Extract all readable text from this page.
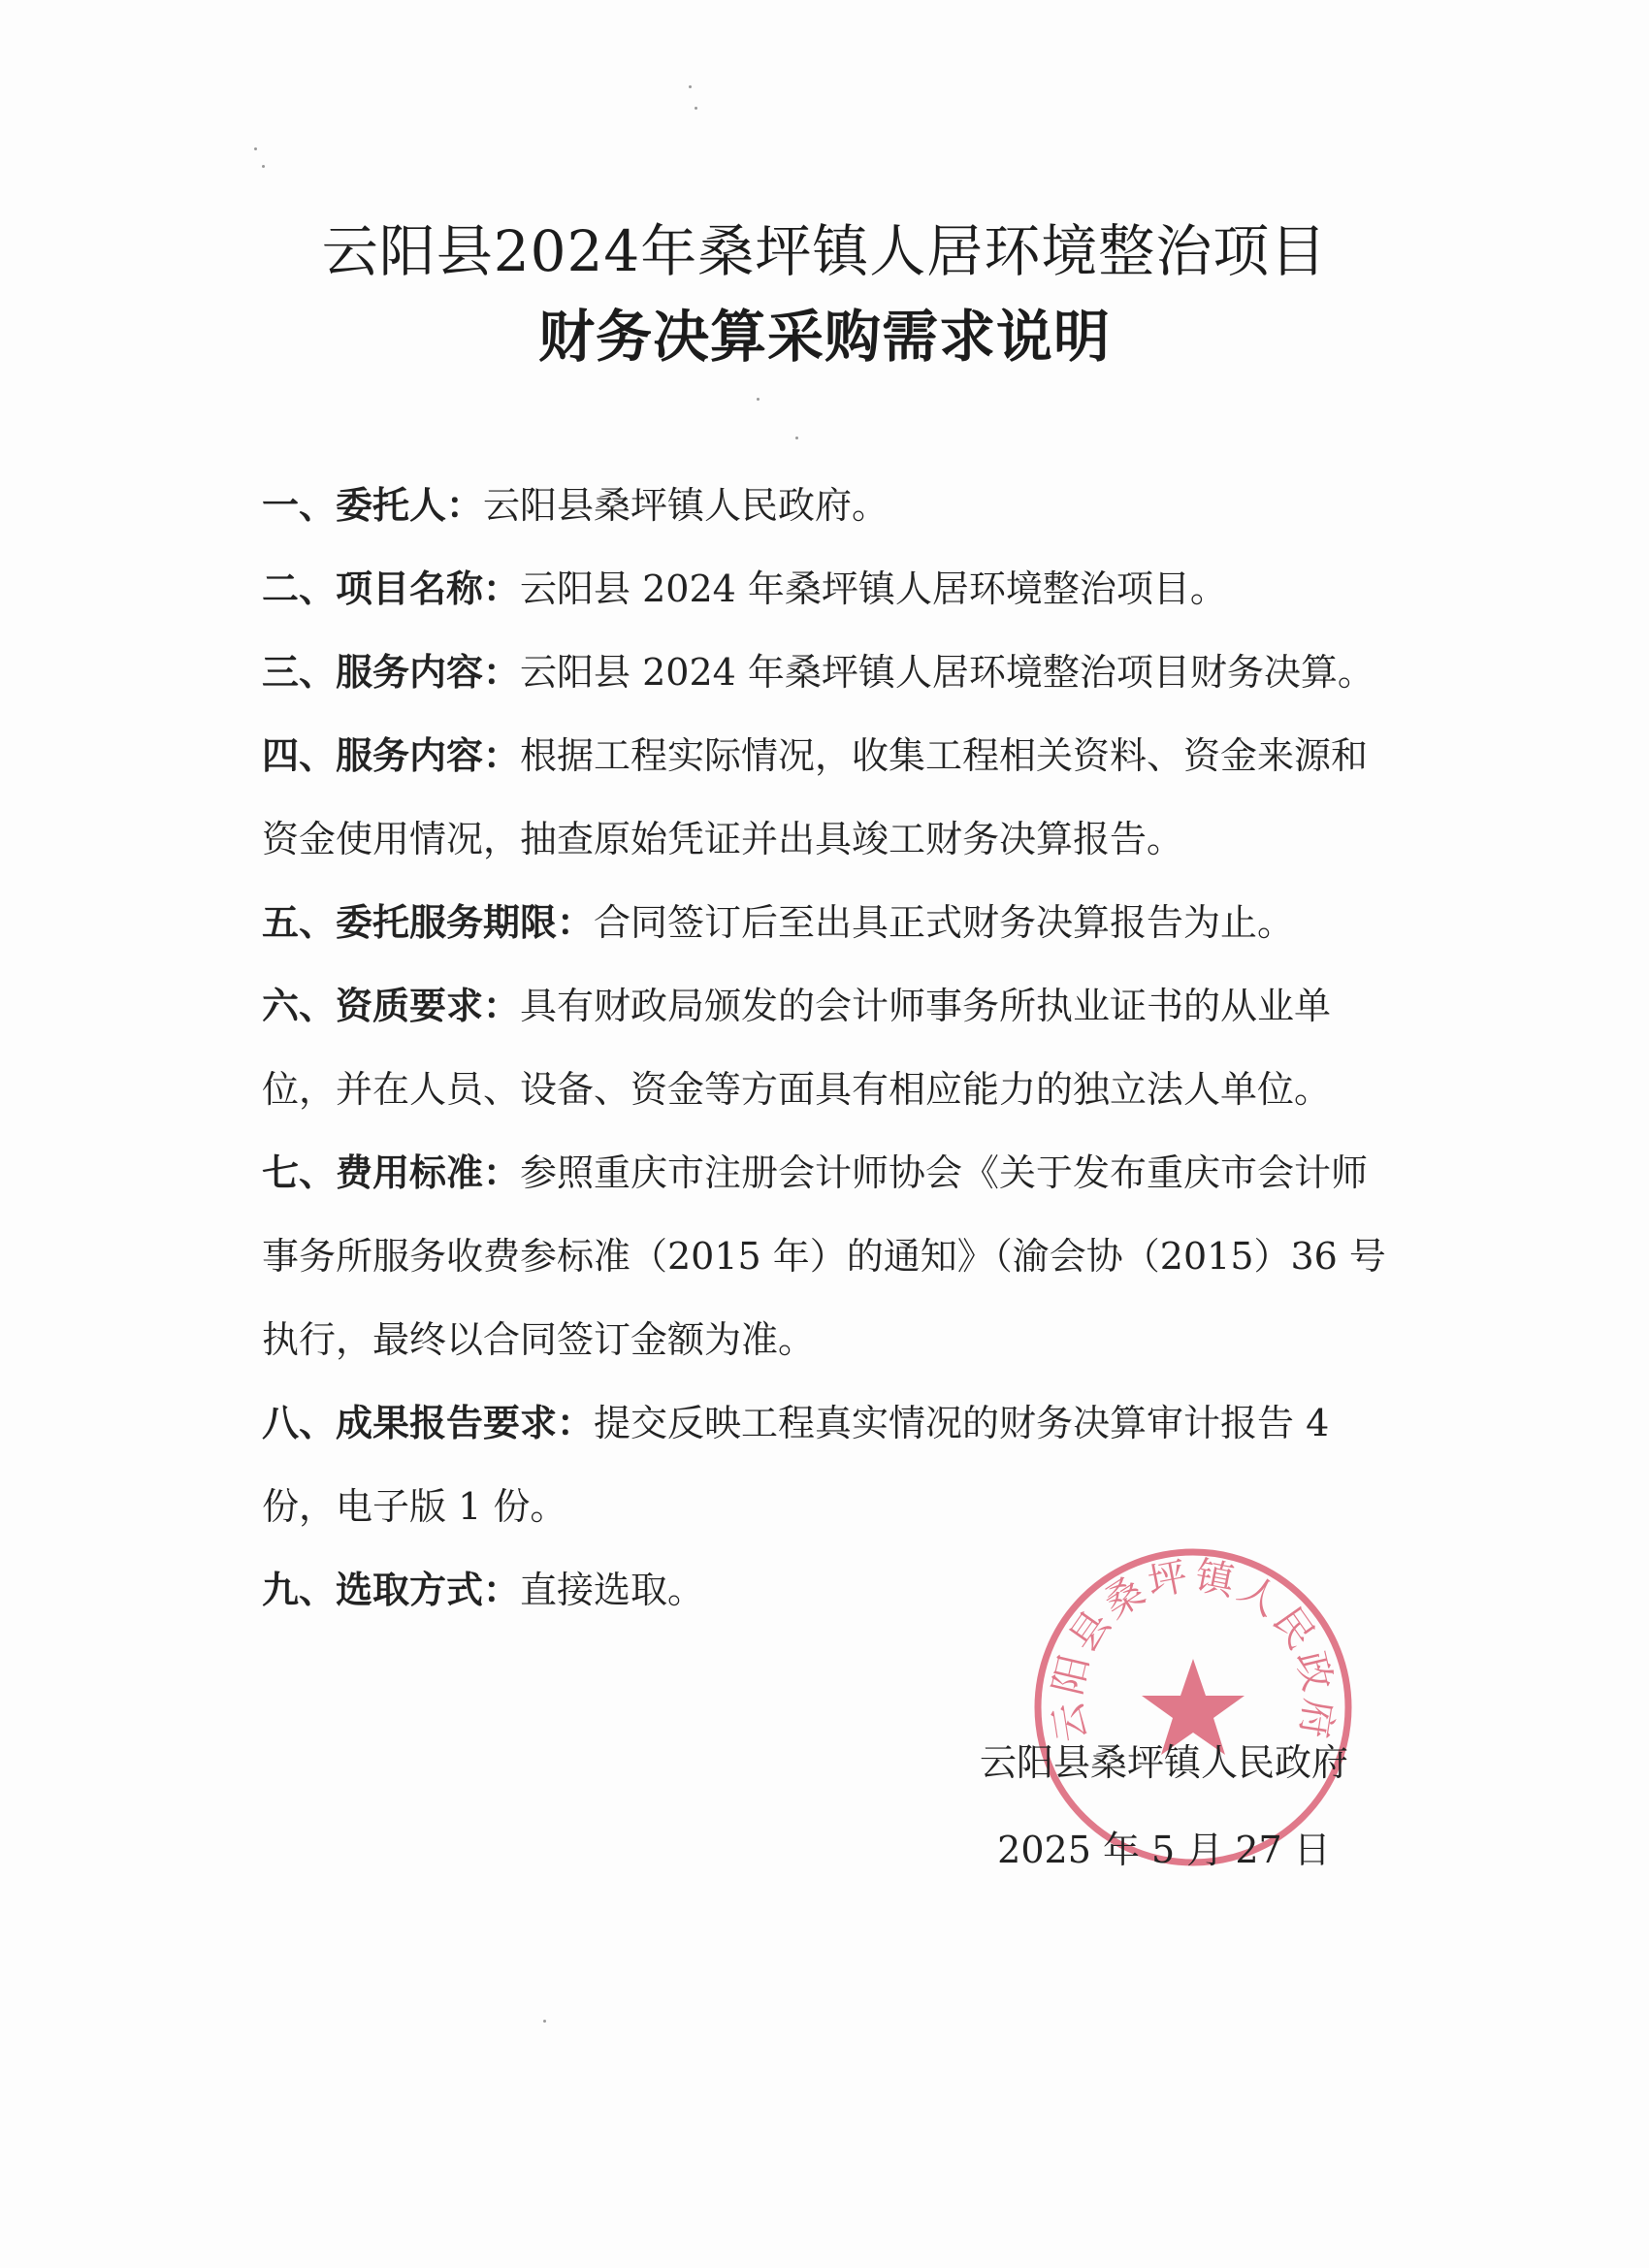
云阳县2024年桑坪镇人居环境整治项目
财务决算采购需求说明
一、委托人：云阳县桑坪镇人民政府。
二、项目名称：云阳县 2024 年桑坪镇人居环境整治项目。
三、服务内容：云阳县 2024 年桑坪镇人居环境整治项目财务决算。
四、服务内容：根据工程实际情况，收集工程相关资料、资金来源和资金使用情况，抽查原始凭证并出具竣工财务决算报告。
五、委托服务期限：合同签订后至出具正式财务决算报告为止。
六、资质要求：具有财政局颁发的会计师事务所执业证书的从业单位，并在人员、设备、资金等方面具有相应能力的独立法人单位。
七、费用标准：参照重庆市注册会计师协会《关于发布重庆市会计师事务所服务收费参标准（2015 年）的通知》（渝会协（2015）36 号执行，最终以合同签订金额为准。
八、成果报告要求：提交反映工程真实情况的财务决算审计报告 4 份，电子版 1 份。
九、选取方式：直接选取。
云阳县桑坪镇人民政府
云阳县桑坪镇人民政府
2025 年 5 月 27 日
